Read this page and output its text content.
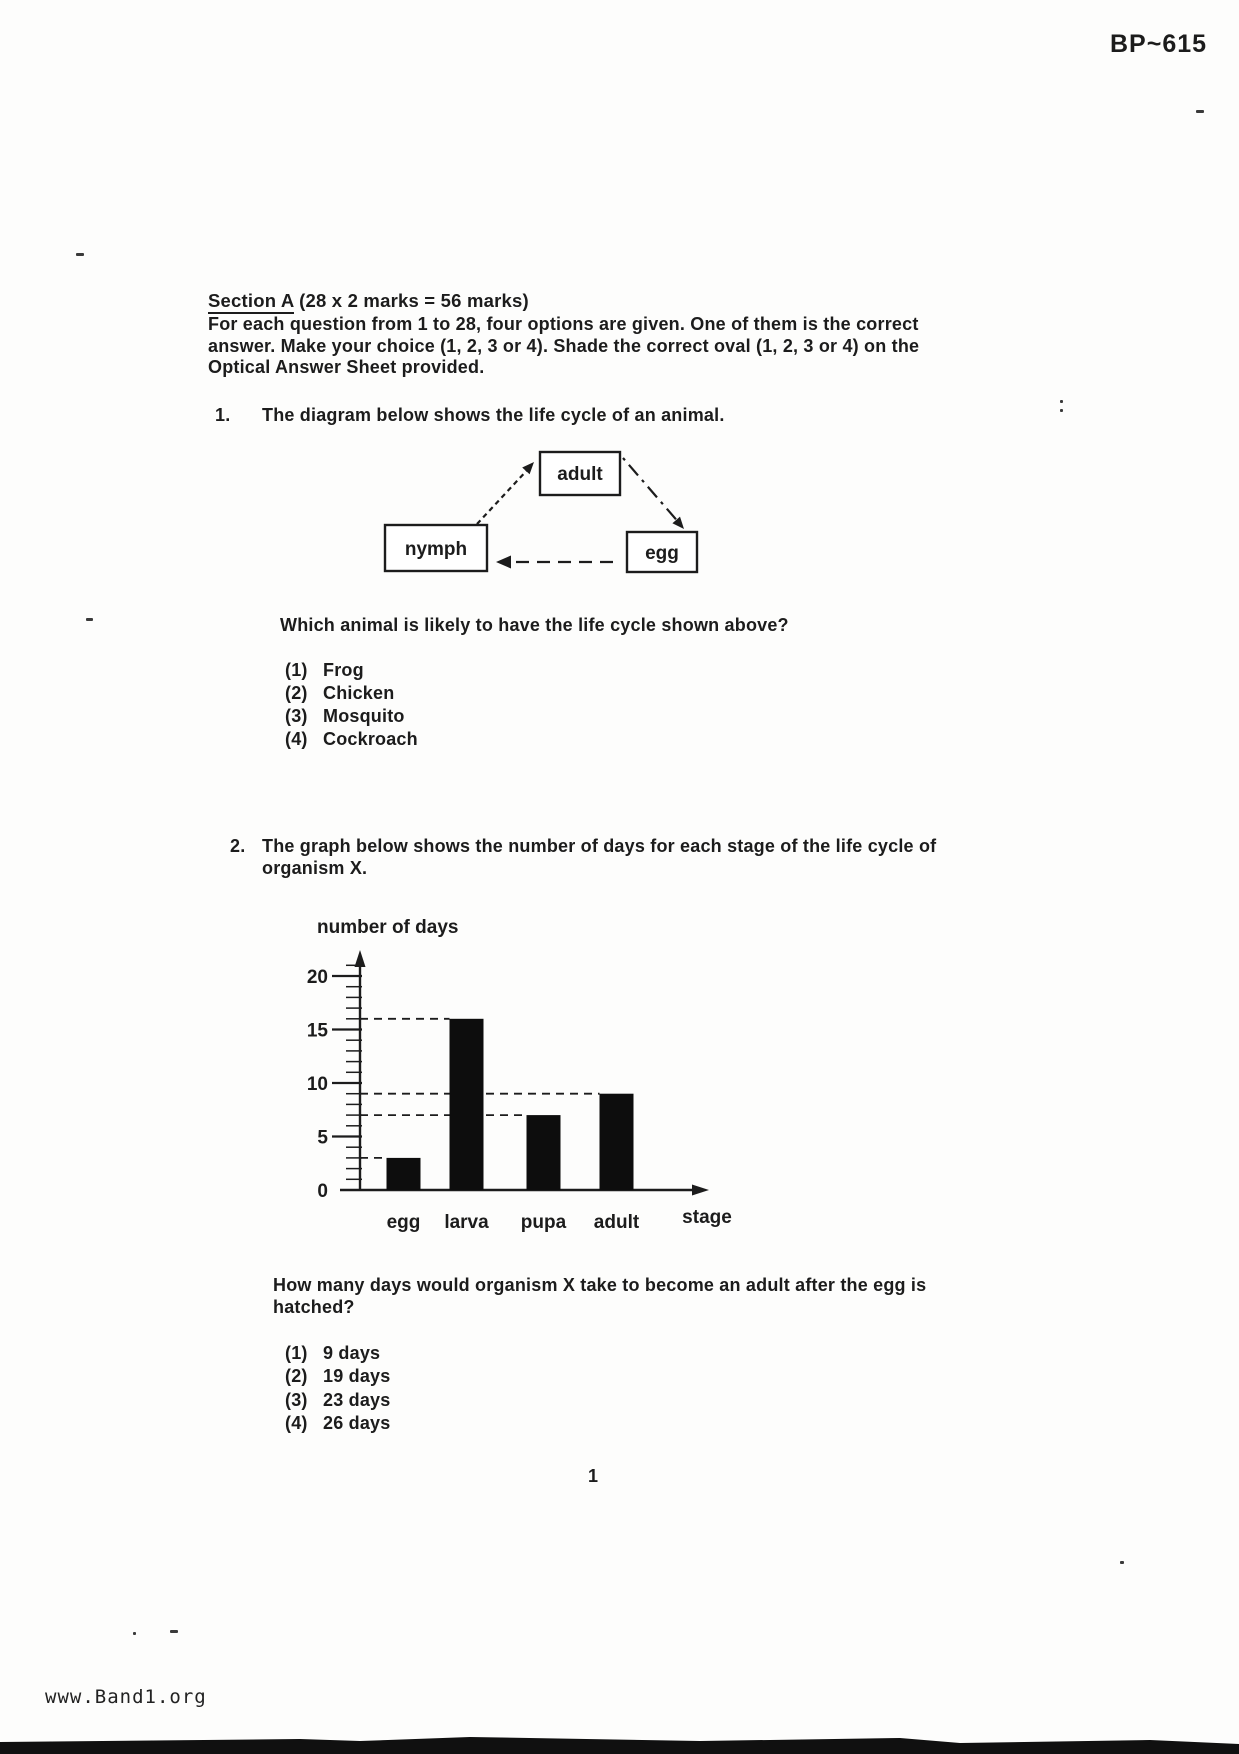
BP~615
Section A (28 x 2 marks = 56 marks)
For each question from 1 to 28, four options are given. One of them is the correct
answer. Make your choice (1, 2, 3 or 4). Shade the correct oval (1, 2, 3 or 4) on the
Optical Answer Sheet provided.
1.	The diagram below shows the life cycle of an animal.
adult
nymph	egg
Which animal is likely to have the life cycle shown above?
(1) Frog
(2) Chicken
(3) Mosquito
(4) Cockroach
2. The graph below shows the number of days for each stage of the life cycle of
organism X.
number of days
0
5
10
15
20
egg larva pupa adult stage
How many days would organism X take to become an adult after the egg is
hatched?
(1) 9 days
(2) 19 days
(3) 23 days
(4) 26 days
1
www.Band1.org
